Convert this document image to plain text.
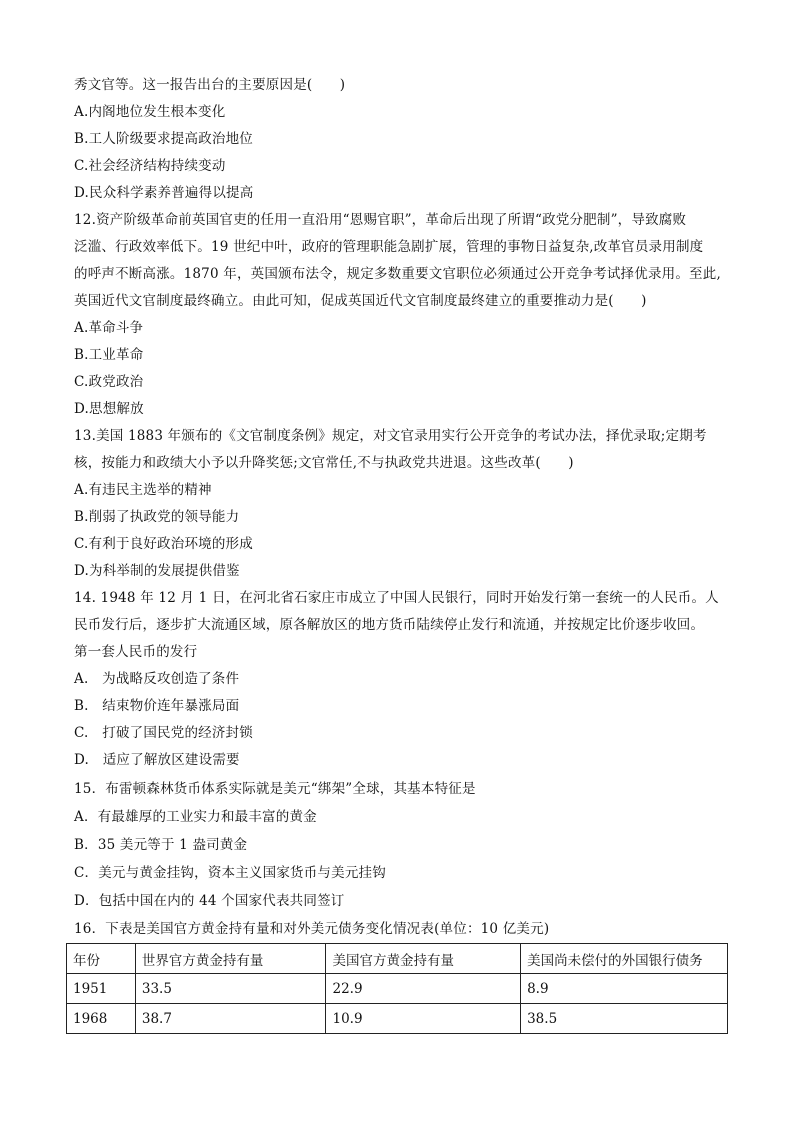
秀文官等。这一报告出台的主要原因是(　　)
A.内阁地位发生根本变化
B.工人阶级要求提高政治地位
C.社会经济结构持续变动
D.民众科学素养普遍得以提高
12.资产阶级革命前英国官吏的任用一直沿用“恩赐官职”，革命后出现了所谓“政党分肥制”，导致腐败
泛滥、行政效率低下。19 世纪中叶，政府的管理职能急剧扩展，管理的事物日益复杂,改革官员录用制度
的呼声不断高涨。1870 年，英国颁布法令，规定多数重要文官职位必须通过公开竞争考试择优录用。至此,
英国近代文官制度最终确立。由此可知，促成英国近代文官制度最终建立的重要推动力是(　　)
A.革命斗争
B.工业革命
C.政党政治
D.思想解放
13.美国 1883 年颁布的《文官制度条例》规定，对文官录用实行公开竞争的考试办法，择优录取;定期考
核，按能力和政绩大小予以升降奖惩;文官常任,不与执政党共进退。这些改革(　　)
A.有违民主选举的精神
B.削弱了执政党的领导能力
C.有利于良好政治环境的形成
D.为科举制的发展提供借鉴
14. 1948 年 12 月 1 日，在河北省石家庄市成立了中国人民银行，同时开始发行第一套统一的人民币。人
民币发行后，逐步扩大流通区域，原各解放区的地方货币陆续停止发行和流通，并按规定比价逐步收回。
第一套人民币的发行
A.　为战略反攻创造了条件
B.　结束物价连年暴涨局面
C.　打破了国民党的经济封锁
D.　适应了解放区建设需要
15．布雷顿森林货币体系实际就是美元“绑架”全球，其基本特征是
A．有最雄厚的工业实力和最丰富的黄金
B．35 美元等于 1 盎司黄金
C．美元与黄金挂钩，资本主义国家货币与美元挂钩
D．包括中国在内的 44 个国家代表共同签订
16．下表是美国官方黄金持有量和对外美元债务变化情况表(单位：10 亿美元)
年份	世界官方黄金持有量	美国官方黄金持有量	美国尚未偿付的外国银行债务
1951	33.5	22.9	8.9
1968	38.7	10.9	38.5
